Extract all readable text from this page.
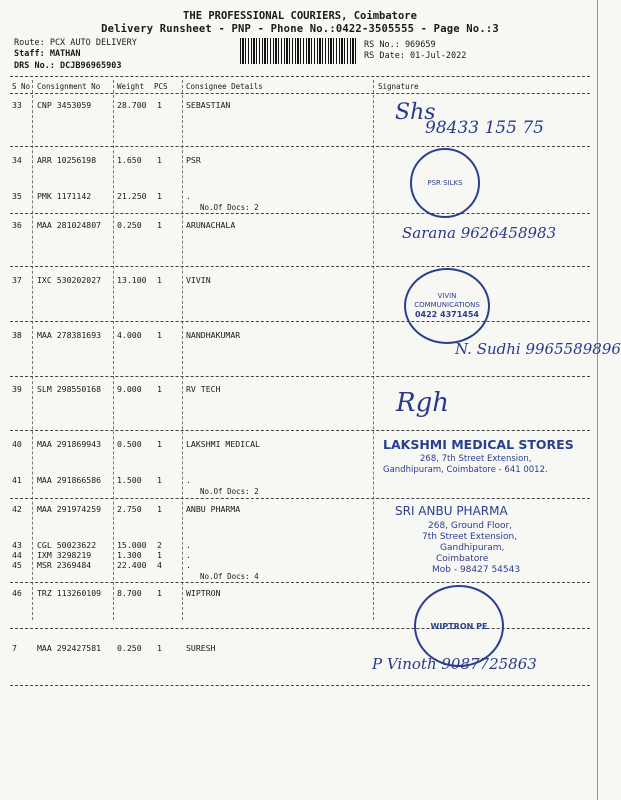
THE PROFESSIONAL COURIERS, Coimbatore
Delivery Runsheet - PNP - Phone No.:0422-3505555 - Page No.:3
Route: PCX AUTO DELIVERY
Staff: MATHAN
DRS No.: DCJB96965903
RS No.: 969659
RS Date: 01-Jul-2022
S No Consignment No Weight PCS Consignee Details	Signature
33 CNP 3453059	28.700 1	SEBASTIAN
34 ARR 10256198	1.650 1	PSR
35 PMK 1171142	21.250 1	.
No.Of Docs: 2
36 MAA 281024807 0.250 1	ARUNACHALA
37 IXC 530202027 13.100 1	VIVIN
38 MAA 278381693 4.000 1	NANDHAKUMAR
39 SLM 298550168 9.000 1	RV TECH
40 MAA 291869943 0.500 1	LAKSHMI MEDICAL
41 MAA 291866586 1.500 1	.
No.Of Docs: 2
42 MAA 291974259 2.750 1	ANBU PHARMA
43 CGL 50023622	15.000 2	.
44 IXM 3298219	1.300 1	.
45 MSR 2369484	22.400 4	.
No.Of Docs: 4
46 TRZ 113260109 8.700 1	WIPTRON
7 MAA 292427581 0.250 1	SURESH
Shs
98433 155 75
PSR SILKS
Sarana 9626458983
VIVIN COMMUNICATIONS
0422 4371454
N. Sudhi 9965589896
Rgh
LAKSHMI MEDICAL STORES
268, 7th Street Extension,
Gandhipuram, Coimbatore - 641 0012.
SRI ANBU PHARMA
268, Ground Floor,
7th Street Extension,
Gandhipuram,
Coimbatore
Mob - 98427 54543
WIPTRON PE
P Vinoth 9087725863
